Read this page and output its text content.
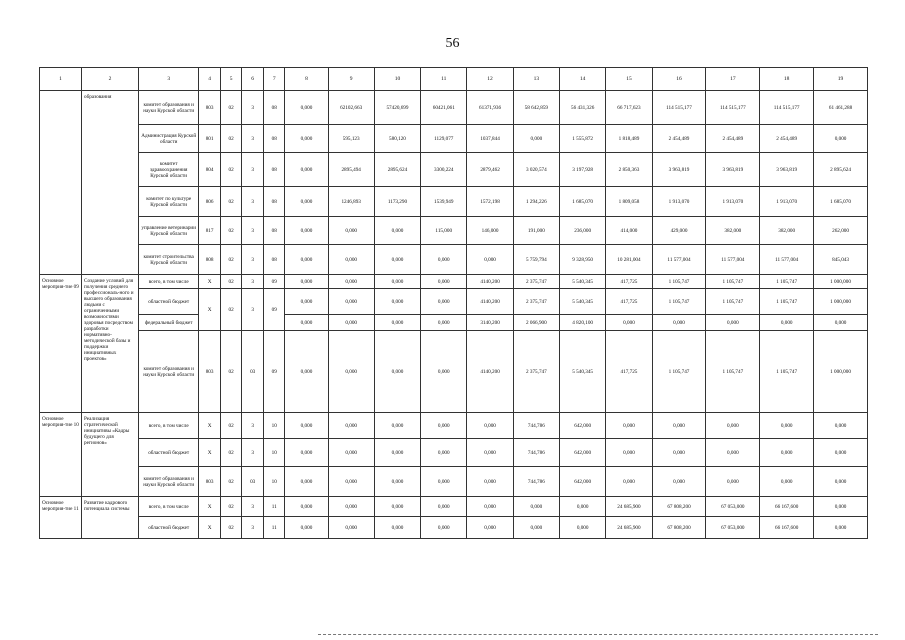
56
1	2	3	4	5	6	7	8	9	10	11	12	13	14	15	16	17	18	19
	образования	комитет образования и науки Курской области	803	02	3	08	0,000	62102,663	57420,699	60421,061	61371,936	58 642,859	56 431,326	66 717,623	114 515,177	114 515,177	114 515,177	61 461,288
		Администрация Курской области	801	02	3	08	0,000	595,123	580,120	1129,077	1037,844	0,000	1 555,872	1 818,489	2 454,489	2 454,489	2 454,489	0,000
		комитет здравоохранения Курской области	804	02	3	08	0,000	2895,494	2895,624	3300,224	2879,462	3 020,574	3 197,928	2 850,363	3 963,819	3 963,819	3 963,819	2 895,624
		комитет по культуре Курской области	806	02	3	08	0,000	1246,893	1173,290	1539,949	1572,198	1 294,226	1 685,070	1 809,058	1 913,070	1 913,070	1 913,070	1 685,070
		управление ветеринарии Курской области	817	02	3	08	0,000	0,000	0,000	115,000	146,000	191,000	236,000	414,000	429,000	382,000	382,000	262,000
		комитет строительства Курской области	808	02	3	08	0,000	0,000	0,000	0,000	0,000	5 759,794	9 328,950	10 281,004	11 577,004	11 577,004	11 577,004	845,043
Основное мероприя-тие 09	Создание условий для получения среднего профессиональ-ного и высшего образования людьми с ограниченными возможностями здоровья посредством разработки нормативно-методической базы и поддержки инициативных проектов»	всего, в том числе	X	02	3	09	0,000	0,000	0,000	0,000	4140,200	2 375,747	5 540,345	417,725	1 105,747	1 105,747	1 105,747	1 000,000
		областной бюджет	X	02	3	09	0,000	0,000	0,000	0,000	4140,200	2 375,747	5 540,345	417,725	1 105,747	1 105,747	1 105,747	1 000,000
		федеральный бюджет					0,000	0,000	0,000	0,000	3140,200	2 066,900	4 820,100	0,000	0,000	0,000	0,000	0,000
		комитет образования и науки Курской области	803	02	03	09	0,000	0,000	0,000	0,000	4140,200	2 375,747	5 540,345	417,725	1 105,747	1 105,747	1 105,747	1 000,000
Основное мероприя-тие 10	Реализация стратегической инициативы «Кадры будущего для регионов»	всего, в том числе	X	02	3	10	0,000	0,000	0,000	0,000	0,000	744,786	642,000	0,000	0,000	0,000	0,000	0,000
		областной бюджет	X	02	3	10	0,000	0,000	0,000	0,000	0,000	744,786	642,000	0,000	0,000	0,000	0,000	0,000
		комитет образования и науки Курской области	803	02	03	10	0,000	0,000	0,000	0,000	0,000	744,786	642,000	0,000	0,000	0,000	0,000	0,000
Основное мероприя-тие 11	Развитие кадрового потенциала системы	всего, в том числе	X	02	3	11	0,000	0,000	0,000	0,000	0,000	0,000	0,000	24 685,900	67 808,200	67 053,000	66 167,600	0,000
		областной бюджет	X	02	3	11	0,000	0,000	0,000	0,000	0,000	0,000	0,000	24 685,900	67 808,200	67 053,000	66 167,600	0,000
